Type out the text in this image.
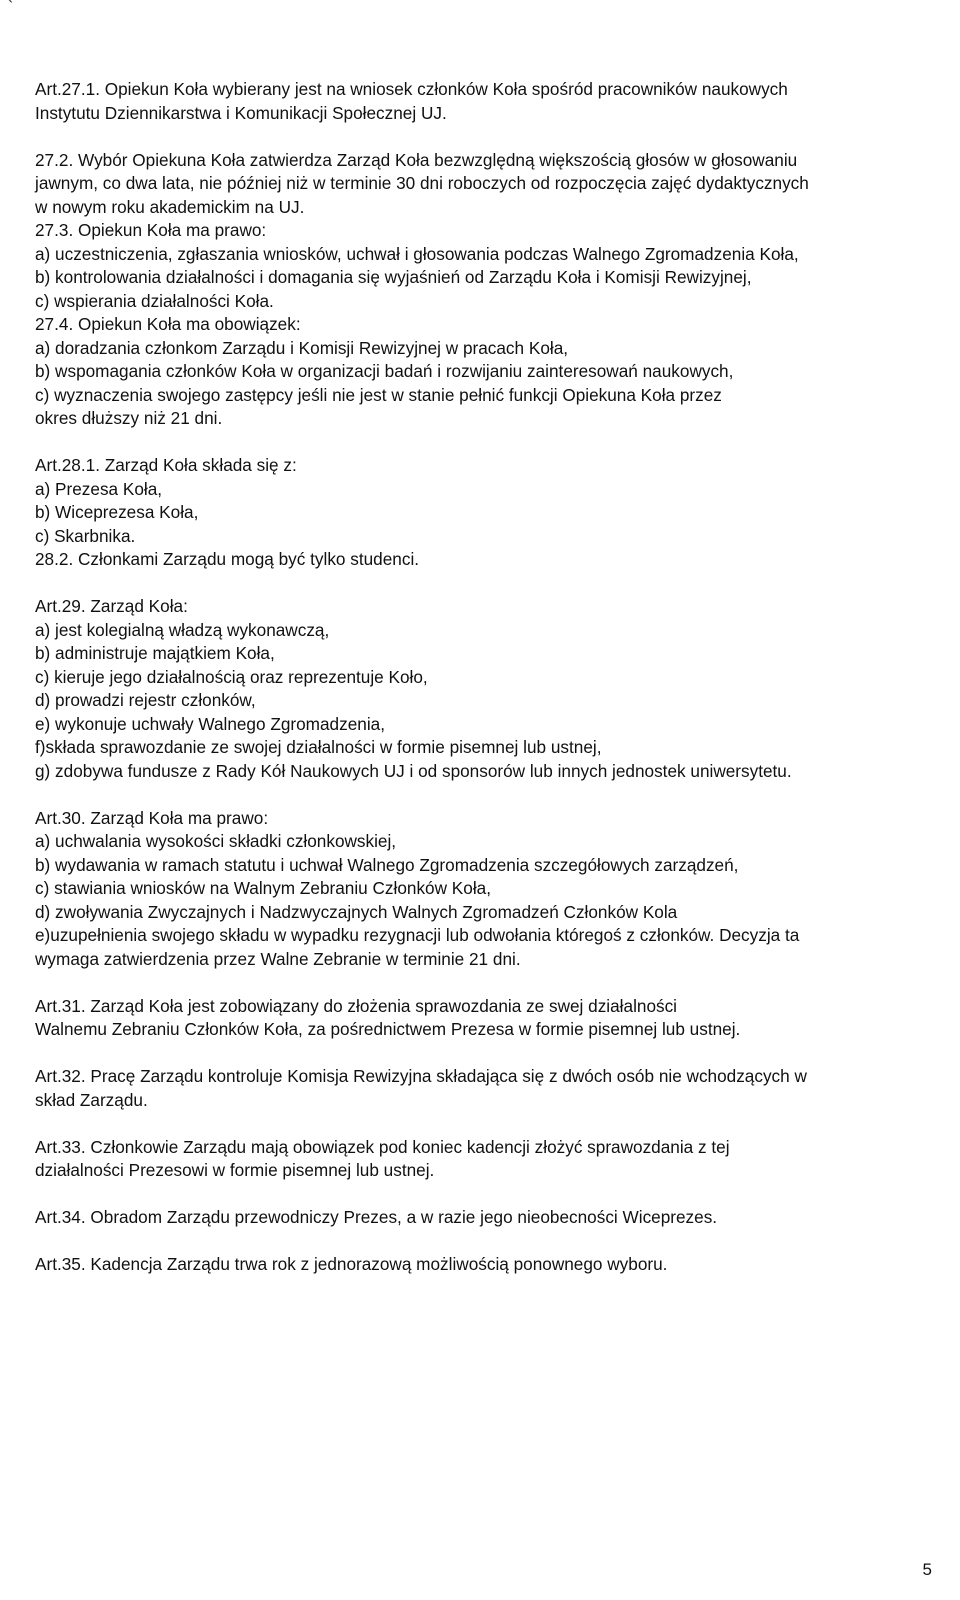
`
Art.27.1. Opiekun Koła wybierany jest na wniosek członków Koła spośród pracowników naukowych
Instytutu Dziennikarstwa i Komunikacji Społecznej UJ.
27.2. Wybór Opiekuna Koła zatwierdza Zarząd Koła bezwzględną większością głosów w głosowaniu
jawnym, co dwa lata, nie później niż w terminie 30 dni roboczych od rozpoczęcia zajęć dydaktycznych
w nowym roku akademickim na UJ.
27.3. Opiekun Koła ma prawo:
a) uczestniczenia, zgłaszania wniosków, uchwał i głosowania podczas Walnego Zgromadzenia Koła,
b) kontrolowania działalności i domagania się wyjaśnień od Zarządu Koła i Komisji Rewizyjnej,
c) wspierania działalności Koła.
27.4. Opiekun Koła ma obowiązek:
a) doradzania członkom Zarządu i Komisji Rewizyjnej w pracach Koła,
b) wspomagania członków Koła w organizacji badań i rozwijaniu zainteresowań naukowych,
c) wyznaczenia swojego zastępcy jeśli nie jest w stanie pełnić funkcji Opiekuna Koła przez
okres dłuższy niż 21 dni.
Art.28.1. Zarząd Koła składa się z:
a) Prezesa Koła,
b) Wiceprezesa Koła,
c) Skarbnika.
28.2. Członkami Zarządu mogą być tylko studenci.
Art.29. Zarząd Koła:
a) jest kolegialną władzą wykonawczą,
b) administruje majątkiem Koła,
c) kieruje jego działalnością oraz reprezentuje Koło,
d) prowadzi rejestr członków,
e) wykonuje uchwały Walnego Zgromadzenia,
f)składa sprawozdanie ze swojej działalności w formie pisemnej lub ustnej,
g) zdobywa fundusze z Rady Kół Naukowych UJ i od sponsorów lub innych jednostek uniwersytetu.
Art.30. Zarząd Koła ma prawo:
a) uchwalania wysokości składki członkowskiej,
b) wydawania w ramach statutu i uchwał Walnego Zgromadzenia szczegółowych zarządzeń,
c) stawiania wniosków na Walnym Zebraniu Członków Koła,
d) zwoływania Zwyczajnych i Nadzwyczajnych Walnych Zgromadzeń Członków Kola
e)uzupełnienia swojego składu w wypadku rezygnacji lub odwołania któregoś z członków. Decyzja ta
wymaga zatwierdzenia przez Walne Zebranie w terminie 21 dni.
Art.31. Zarząd Koła jest zobowiązany do złożenia sprawozdania ze swej działalności
Walnemu Zebraniu Członków Koła, za pośrednictwem Prezesa w formie pisemnej lub ustnej.
Art.32. Pracę Zarządu kontroluje Komisja Rewizyjna składająca się z dwóch osób nie wchodzących w
skład Zarządu.
Art.33. Członkowie Zarządu mają obowiązek pod koniec kadencji złożyć sprawozdania z tej
działalności Prezesowi w formie pisemnej lub ustnej.
Art.34. Obradom Zarządu przewodniczy Prezes, a w razie jego nieobecności Wiceprezes.
Art.35. Kadencja Zarządu trwa rok z jednorazową możliwością ponownego wyboru.
5
